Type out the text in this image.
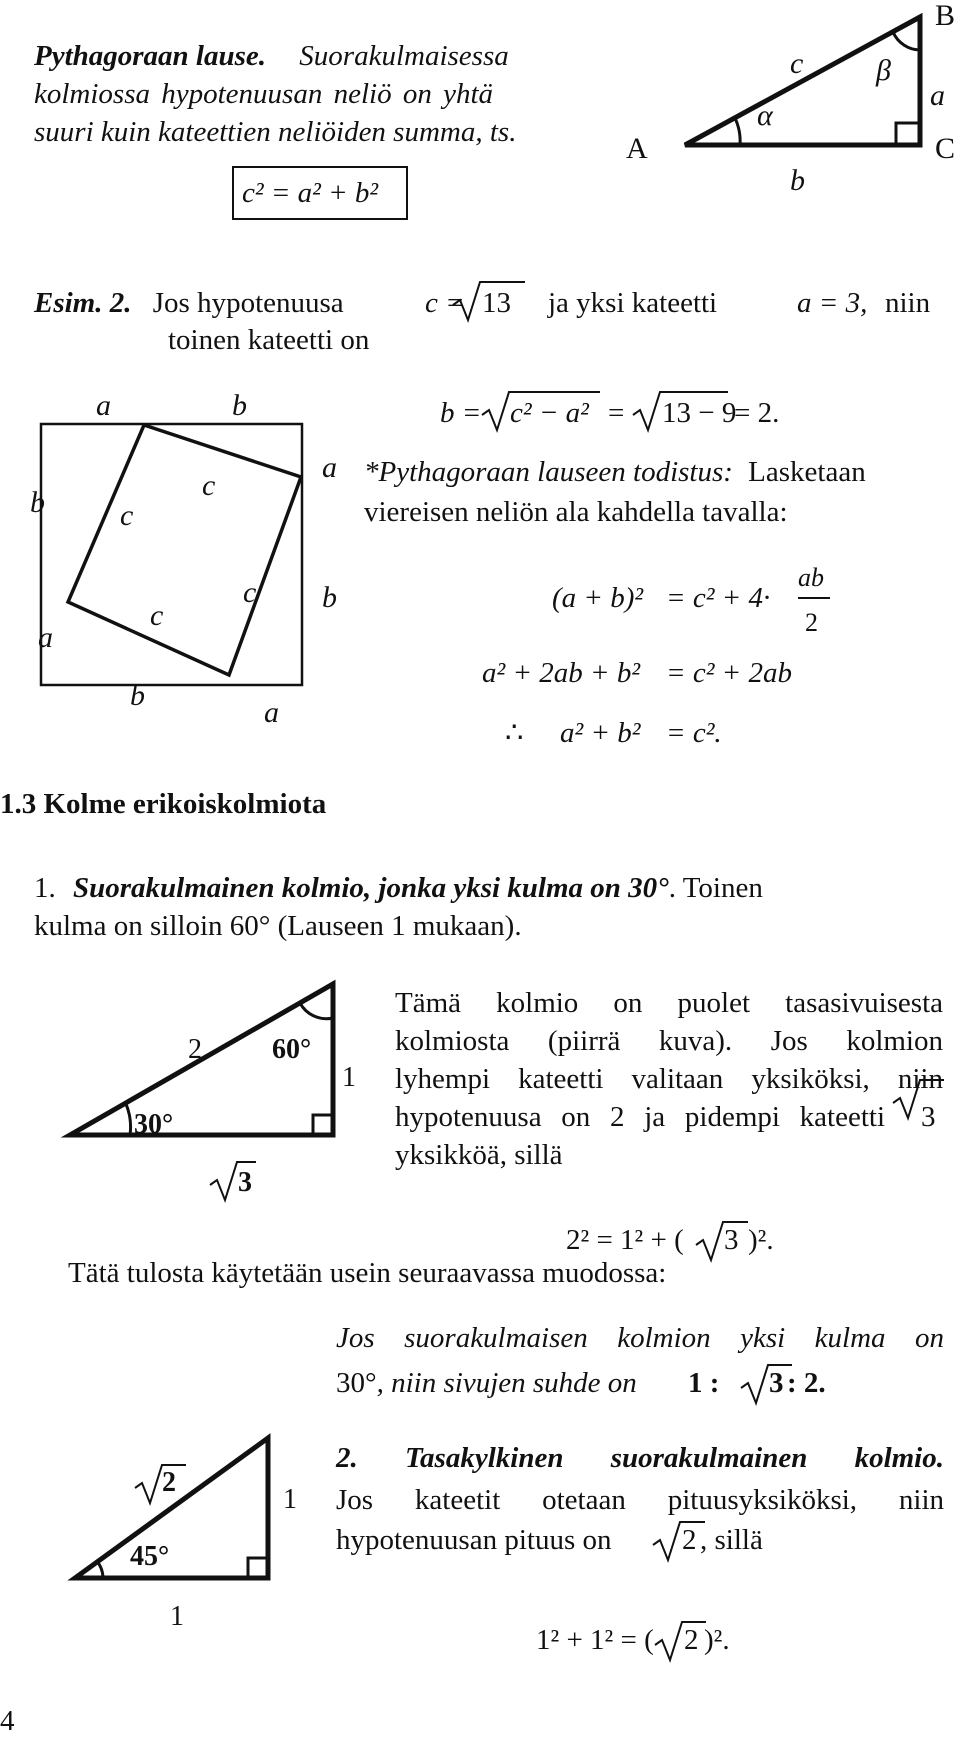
Pythagoraan lause. Suorakulmaisessa
kolmiossa hypotenuusan neliö on yhtä
suuri kuin kateettien neliöiden summa, ts.
c² = a² + b²
B
A	C
a
b
c
α
β
Esim. 2. Jos hypotenuusa	c = 13 ja yksi kateetti	a = 3, niin
toinen kateetti on
b = c² − a² = 13 − 9
= 2.
a	b
a
b
b
a
b
a
c
c
c
c
*Pythagoraan lauseen todistus: Lasketaan
viereisen neliön ala kahdella tavalla:
(a + b)² = c² + 4·
ab
2
a² + 2ab + b² = c² + 2ab
∴ a² + b² = c².
1.3 Kolme erikoiskolmiota
1. Suorakulmainen kolmio, jonka yksi kulma on 30°. Toinen
kulma on silloin 60° (Lauseen 1 mukaan).
2	60°
1
30°
3
Tämä kolmio on puolet tasasivuisesta
kolmiosta (piirrä kuva). Jos kolmion
lyhempi kateetti valitaan yksiköksi, niin
hypotenuusa on 2 ja pidempi kateetti 3
yksikköä, sillä
2² = 1² + ( 3 )².
Tätä tulosta käytetään usein seuraavassa muodossa:
Jos suorakulmaisen kolmion yksi kulma on
30°, niin sivujen suhde on 1 : 3 : 2.
2
1
45°
1
2. Tasakylkinen suorakulmainen kolmio.
Jos kateetit otetaan pituusyksiköksi, niin
hypotenuusan pituus on 2 , sillä
1² + 1² = ( 2 )².
4
